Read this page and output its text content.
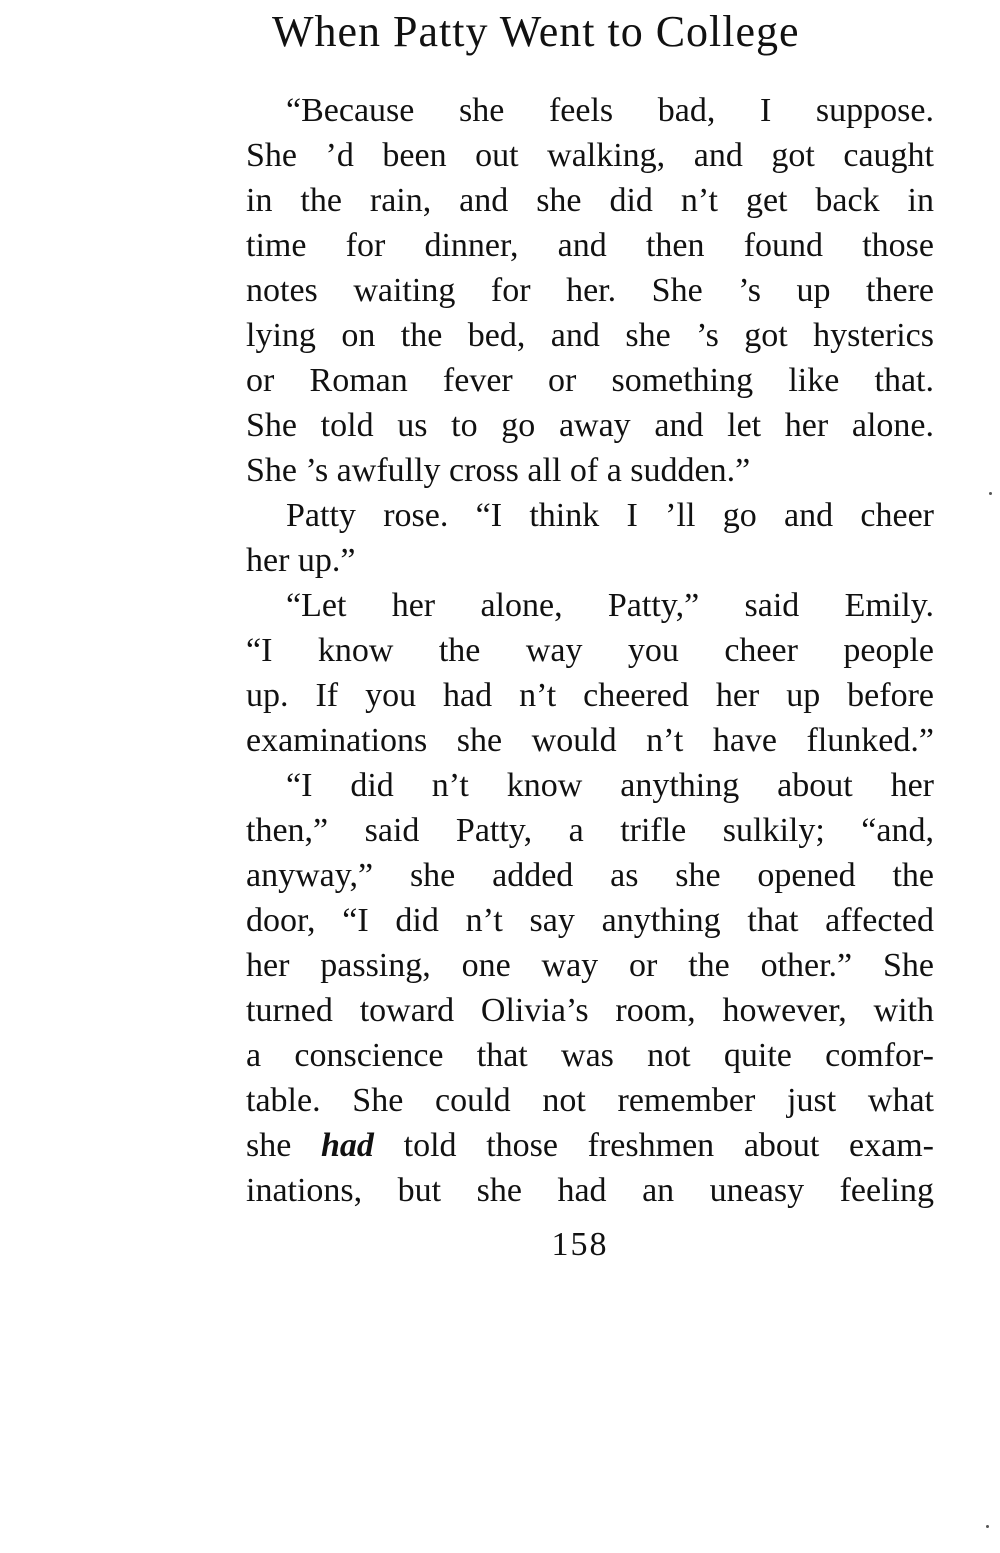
When Patty Went to College
“Because she feels bad, I suppose.
She ’d been out walking, and got caught
in the rain, and she did n’t get back in
time for dinner, and then found those
notes waiting for her. She ’s up there
lying on the bed, and she ’s got hysterics
or Roman fever or something like that.
She told us to go away and let her alone.
She ’s awfully cross all of a sudden.”
Patty rose. “I think I ’ll go and cheer
her up.”
“Let her alone, Patty,” said Emily.
“I know the way you cheer people
up. If you had n’t cheered her up before
examinations she would n’t have flunked.”
“I did n’t know anything about her
then,” said Patty, a trifle sulkily; “and,
anyway,” she added as she opened the
door, “I did n’t say anything that affected
her passing, one way or the other.” She
turned toward Olivia’s room, however, with
a conscience that was not quite comfor-
table. She could not remember just what
she had told those freshmen about exam-
inations, but she had an uneasy feeling
158
